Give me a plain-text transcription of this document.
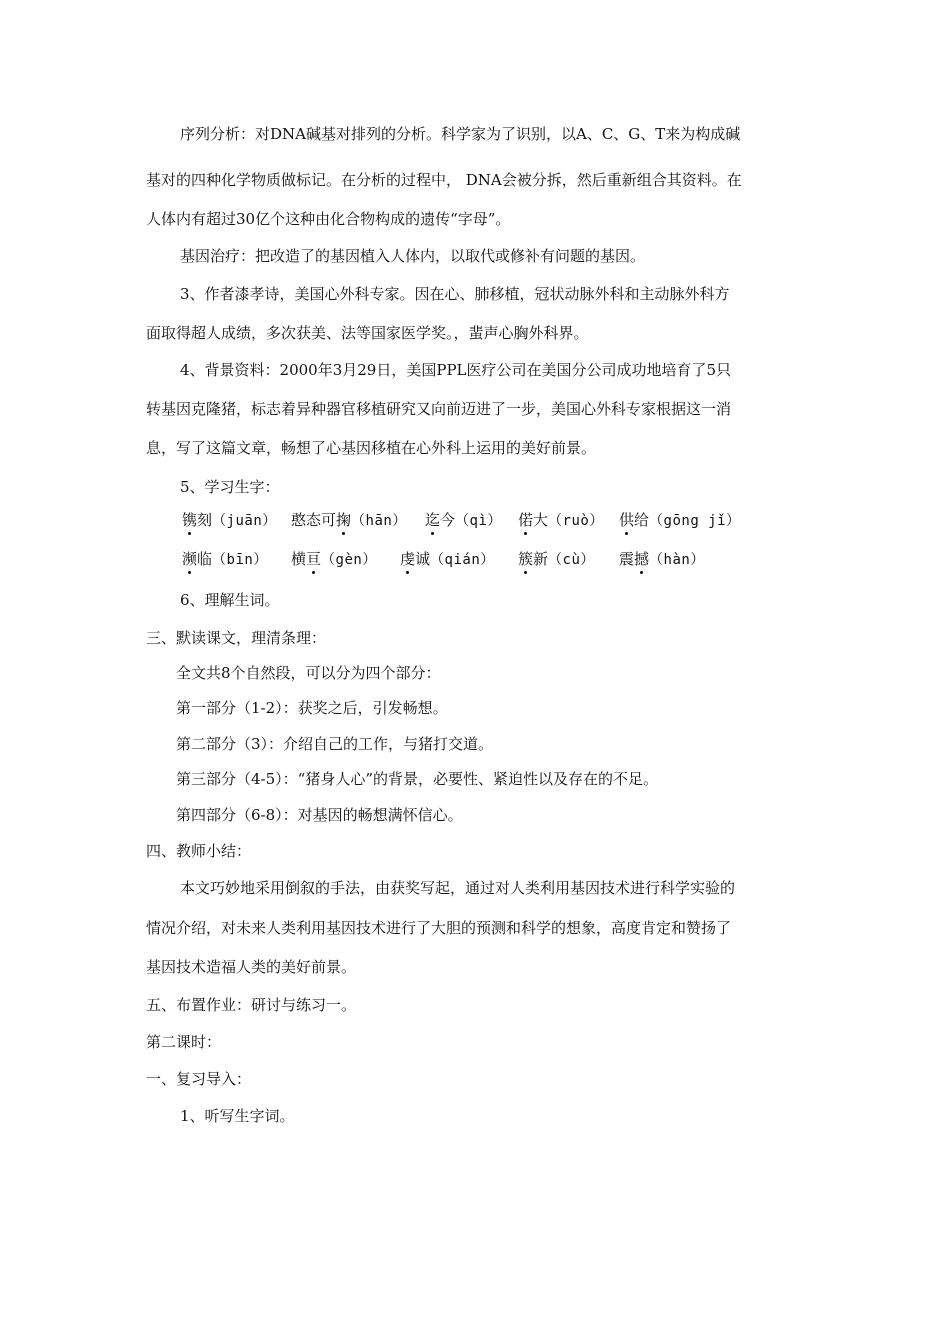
序列分析：对DNA碱基对排列的分析。科学家为了识别，以A、C、G、T来为构成碱
基对的四种化学物质做标记。在分析的过程中， DNA会被分拆，然后重新组合其资料。在
人体内有超过30亿个这种由化合物构成的遗传“字母”。
基因治疗：把改造了的基因植入人体内，以取代或修补有问题的基因。
3、作者漆孝诗，美国心外科专家。因在心、肺移植，冠状动脉外科和主动脉外科方
面取得超人成绩，多次获美、法等国家医学奖。，蜚声心胸外科界。
4、背景资料：2000年3月29日，美国PPL医疗公司在美国分公司成功地培育了5只
转基因克隆猪，标志着异种器官移植研究又向前迈进了一步，美国心外科专家根据这一消
息，写了这篇文章，畅想了心基因移植在心外科上运用的美好前景。
5、学习生字：
镌刻（juān） 憨态可掬（hān） 迄今（qì） 偌大（ruò） 供给（gōng jǐ）
濒临（bīn） 横亘（gèn） 虔诚（qián） 簇新（cù） 震撼（hàn）
6、理解生词。
三、默读课文，理清条理：
全文共8个自然段，可以分为四个部分：
第一部分（1-2）：获奖之后，引发畅想。
第二部分（3）：介绍自己的工作，与猪打交道。
第三部分（4-5）：“猪身人心”的背景，必要性、紧迫性以及存在的不足。
第四部分（6-8）：对基因的畅想满怀信心。
四、教师小结：
本文巧妙地采用倒叙的手法，由获奖写起，通过对人类利用基因技术进行科学实验的
情况介绍，对未来人类利用基因技术进行了大胆的预测和科学的想象，高度肯定和赞扬了
基因技术造福人类的美好前景。
五、布置作业：研讨与练习一。
第二课时：
一、复习导入：
1、听写生字词。
